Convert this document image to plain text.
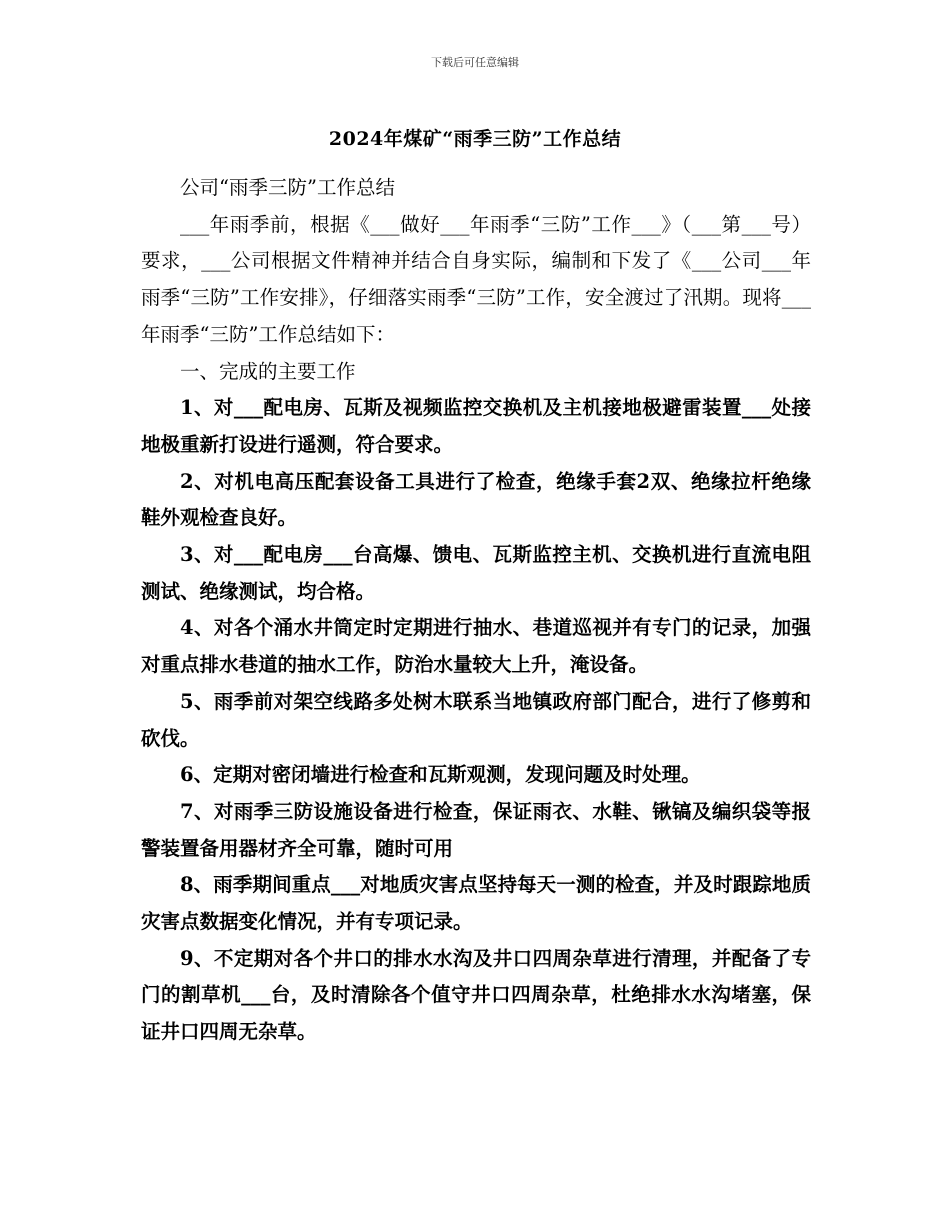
下载后可任意编辑
2024年煤矿“雨季三防”工作总结

公司“雨季三防”工作总结

___年雨季前，根据《___做好___年雨季“三防”工作___》（___第___号）要求，___公司根据文件精神并结合自身实际，编制和下发了《___公司___年雨季“三防”工作安排》，仔细落实雨季“三防”工作，安全渡过了汛期。现将___年雨季“三防”工作总结如下：

一、完成的主要工作

1、对___配电房、瓦斯及视频监控交换机及主机接地极避雷装置___处接地极重新打设进行遥测，符合要求。

2、对机电高压配套设备工具进行了检查，绝缘手套2双、绝缘拉杆绝缘鞋外观检查良好。

3、对___配电房___台高爆、馈电、瓦斯监控主机、交换机进行直流电阻测试、绝缘测试，均合格。

4、对各个涌水井筒定时定期进行抽水、巷道巡视并有专门的记录，加强对重点排水巷道的抽水工作，防治水量较大上升，淹设备。

5、雨季前对架空线路多处树木联系当地镇政府部门配合，进行了修剪和砍伐。

6、定期对密闭墙进行检查和瓦斯观测，发现问题及时处理。

7、对雨季三防设施设备进行检查，保证雨衣、水鞋、锹镐及编织袋等报警装置备用器材齐全可靠，随时可用

8、雨季期间重点___对地质灾害点坚持每天一测的检查，并及时跟踪地质灾害点数据变化情况，并有专项记录。

9、不定期对各个井口的排水水沟及井口四周杂草进行清理，并配备了专门的割草机___台，及时清除各个值守井口四周杂草，杜绝排水水沟堵塞，保证井口四周无杂草。
